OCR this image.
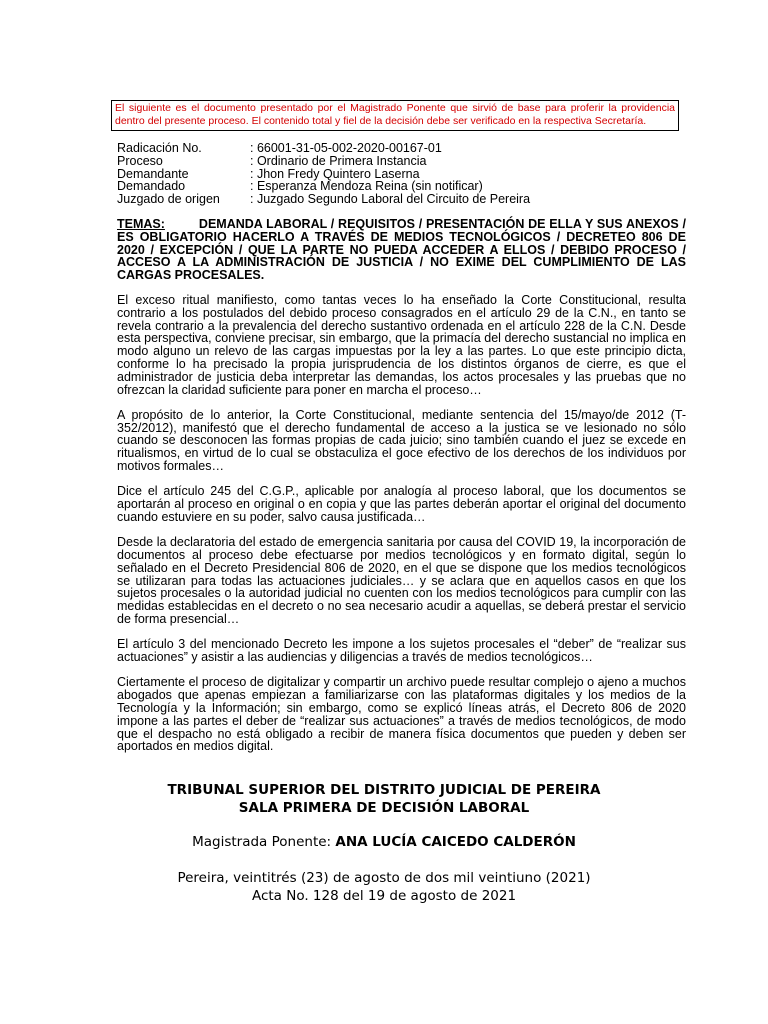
El siguiente es el documento presentado por el Magistrado Ponente que sirvió de base para proferir la providencia dentro del presente proceso. El contenido total y fiel de la decisión debe ser verificado en la respectiva Secretaría.

Radicación No.	: 66001-31-05-002-2020-00167-01
Proceso	: Ordinario de Primera Instancia
Demandante	: Jhon Fredy Quintero Laserna
Demandado	: Esperanza Mendoza Reina (sin notificar)
Juzgado de origen	: Juzgado Segundo Laboral del Circuito de Pereira
TEMAS:	DEMANDA LABORAL / REQUISITOS / PRESENTACIÓN DE ELLA Y SUS ANEXOS / ES OBLIGATORIO HACERLO A TRAVÉS DE MEDIOS TECNOLÓGICOS / DECRETEO 806 DE 2020 / EXCEPCIÓN / QUE LA PARTE NO PUEDA ACCEDER A ELLOS / DEBIDO PROCESO / ACCESO A LA ADMINISTRACIÓN DE JUSTICIA / NO EXIME DEL CUMPLIMIENTO DE LAS CARGAS PROCESALES.

El exceso ritual manifiesto, como tantas veces lo ha enseñado la Corte Constitucional, resulta contrario a los postulados del debido proceso consagrados en el artículo 29 de la C.N., en tanto se revela contrario a la prevalencia del derecho sustantivo ordenada en el artículo 228 de la C.N. Desde esta perspectiva, conviene precisar, sin embargo, que la primacía del derecho sustancial no implica en modo alguno un relevo de las cargas impuestas por la ley a las partes. Lo que este principio dicta, conforme lo ha precisado la propia jurisprudencia de los distintos órganos de cierre, es que el administrador de justicia deba interpretar las demandas, los actos procesales y las pruebas que no ofrezcan la claridad suficiente para poner en marcha el proceso…

A propósito de lo anterior, la Corte Constitucional, mediante sentencia del 15/mayo/de 2012 (T-352/2012), manifestó que el derecho fundamental de acceso a la justica se ve lesionado no sólo cuando se desconocen las formas propias de cada juicio; sino también cuando el juez se excede en ritualismos, en virtud de lo cual se obstaculiza el goce efectivo de los derechos de los individuos por motivos formales…

Dice el artículo 245 del C.G.P., aplicable por analogía al proceso laboral, que los documentos se aportarán al proceso en original o en copia y que las partes deberán aportar el original del documento cuando estuviere en su poder, salvo causa justificada…

Desde la declaratoria del estado de emergencia sanitaria por causa del COVID 19, la incorporación de documentos al proceso debe efectuarse por medios tecnológicos y en formato digital, según lo señalado en el Decreto Presidencial 806 de 2020, en el que se dispone que los medios tecnológicos se utilizaran para todas las actuaciones judiciales… y se aclara que en aquellos casos en que los sujetos procesales o la autoridad judicial no cuenten con los medios tecnológicos para cumplir con las medidas establecidas en el decreto o no sea necesario acudir a aquellas, se deberá prestar el servicio de forma presencial…

El artículo 3 del mencionado Decreto les impone a los sujetos procesales el “deber” de “realizar sus actuaciones” y asistir a las audiencias y diligencias a través de medios tecnológicos…

Ciertamente el proceso de digitalizar y compartir un archivo puede resultar complejo o ajeno a muchos abogados que apenas empiezan a familiarizarse con las plataformas digitales y los medios de la Tecnología y la Información; sin embargo, como se explicó líneas atrás, el Decreto 806 de 2020 impone a las partes el deber de “realizar sus actuaciones” a través de medios tecnológicos, de modo que el despacho no está obligado a recibir de manera física documentos que pueden y deben ser aportados en medios digital.

TRIBUNAL SUPERIOR DEL DISTRITO JUDICIAL DE PEREIRA
SALA PRIMERA DE DECISIÓN LABORAL
Magistrada Ponente: ANA LUCÍA CAICEDO CALDERÓN
Pereira, veintitrés (23) de agosto de dos mil veintiuno (2021)
Acta No. 128 del 19 de agosto de 2021
